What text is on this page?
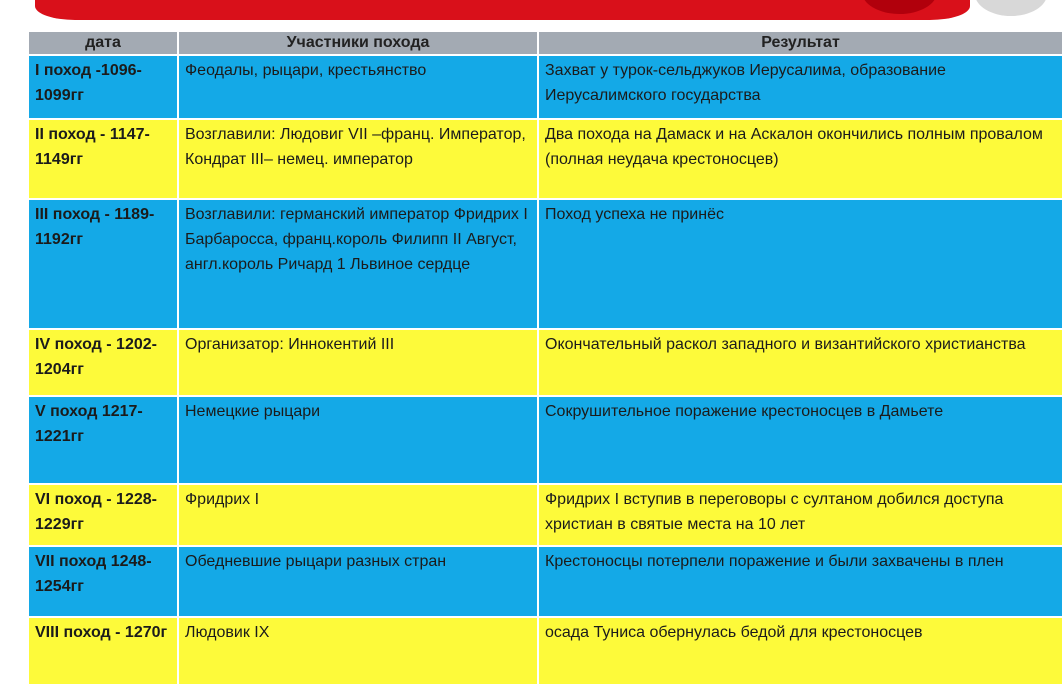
дата	Участники похода	Результат
I поход -1096-1099гг	Феодалы, рыцари, крестьянство	Захват у турок-сельджуков Иерусалима, образование Иерусалимского государства
II поход - 1147-1149гг	Возглавили: Людовиг VII –франц. Император, Кондрат III– немец. император	Два похода на Дамаск и на Аскалон окончились полным провалом (полная неудача крестоносцев)
III поход - 1189-1192гг	Возглавили: германский император Фридрих I Барбаросса, франц.король Филипп II Август, англ.король Ричард 1 Львиное сердце	Поход успеха не принёс
IV поход - 1202-1204гг	Организатор: Иннокентий III	Окончательный раскол западного и византийского христианства
V поход 1217-1221гг	Немецкие рыцари	Сокрушительное поражение крестоносцев в Дамьете
VI поход - 1228-1229гг	Фридрих I	Фридрих I вступив в переговоры с султаном добился доступа христиан в святые места на 10 лет
VII поход 1248-1254гг	Обедневшие рыцари разных стран	Крестоносцы потерпели поражение и были захвачены в плен
VIII поход - 1270г	Людовик IX	осада Туниса обернулась бедой для крестоносцев
